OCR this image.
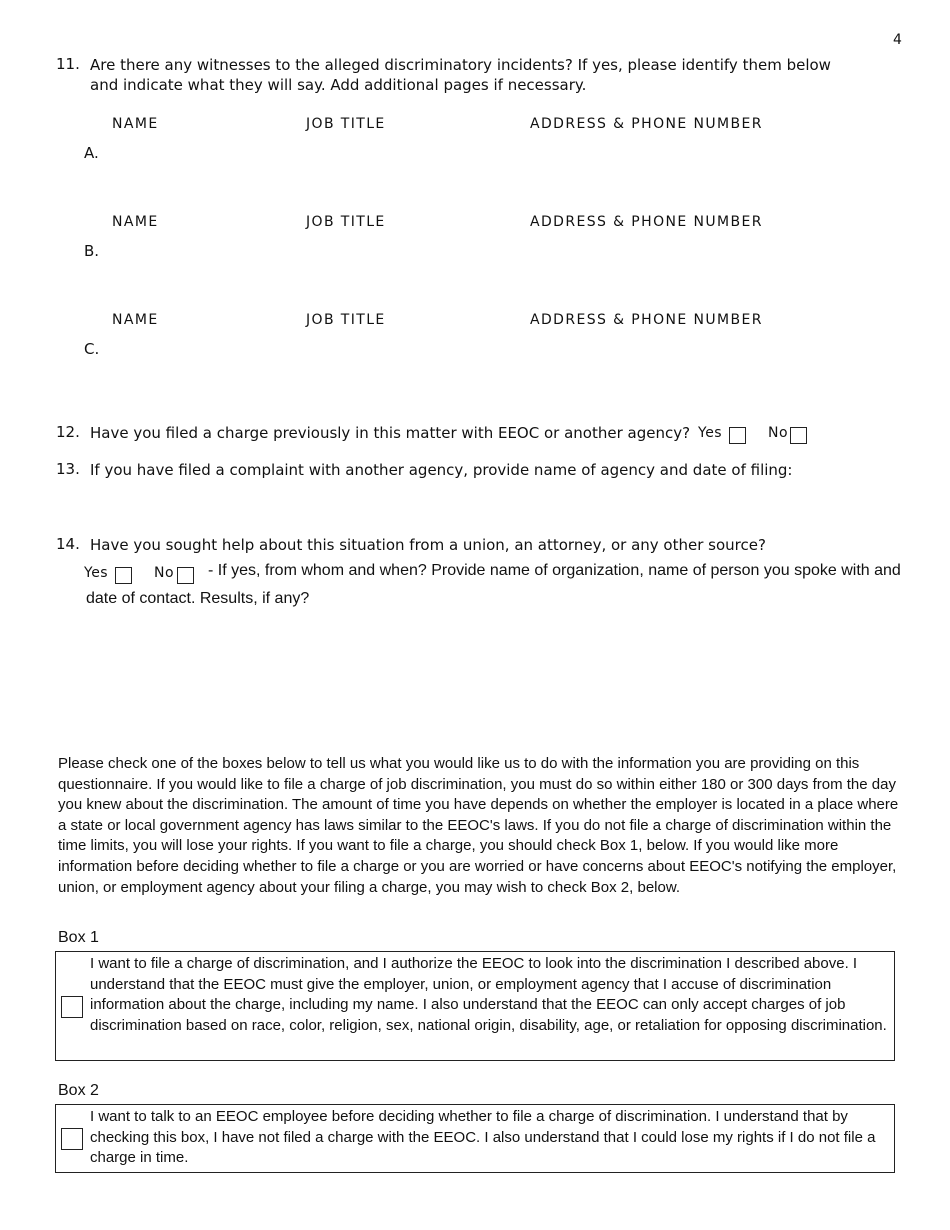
4
11. Are there any witnesses to the alleged discriminatory incidents? If yes, please identify them below and indicate what they will say. Add additional pages if necessary.
NAME	JOB TITLE	ADDRESS & PHONE NUMBER
A.
NAME	JOB TITLE	ADDRESS & PHONE NUMBER
B.
NAME	JOB TITLE	ADDRESS & PHONE NUMBER
C.
12. Have you filed a charge previously in this matter with EEOC or another agency? Yes	No
13. If you have filed a complaint with another agency, provide name of agency and date of filing:
14. Have you sought help about this situation from a union, an attorney, or any other source?
Yes	No - If yes, from whom and when? Provide name of organization, name of person you spoke with and
date of contact. Results, if any?
Please check one of the boxes below to tell us what you would like us to do with the information you are providing on this questionnaire. If you would like to file a charge of job discrimination, you must do so within either 180 or 300 days from the day you knew about the discrimination. The amount of time you have depends on whether the employer is located in a place where a state or local government agency has laws similar to the EEOC's laws. If you do not file a charge of discrimination within the time limits, you will lose your rights. If you want to file a charge, you should check Box 1, below. If you would like more information before deciding whether to file a charge or you are worried or have concerns about EEOC's notifying the employer, union, or employment agency about your filing a charge, you may wish to check Box 2, below.
Box 1
I want to file a charge of discrimination, and I authorize the EEOC to look into the discrimination I described above. I understand that the EEOC must give the employer, union, or employment agency that I accuse of discrimination information about the charge, including my name. I also understand that the EEOC can only accept charges of job discrimination based on race, color, religion, sex, national origin, disability, age, or retaliation for opposing discrimination.
Box 2
I want to talk to an EEOC employee before deciding whether to file a charge of discrimination. I understand that by checking this box, I have not filed a charge with the EEOC. I also understand that I could lose my rights if I do not file a charge in time.
